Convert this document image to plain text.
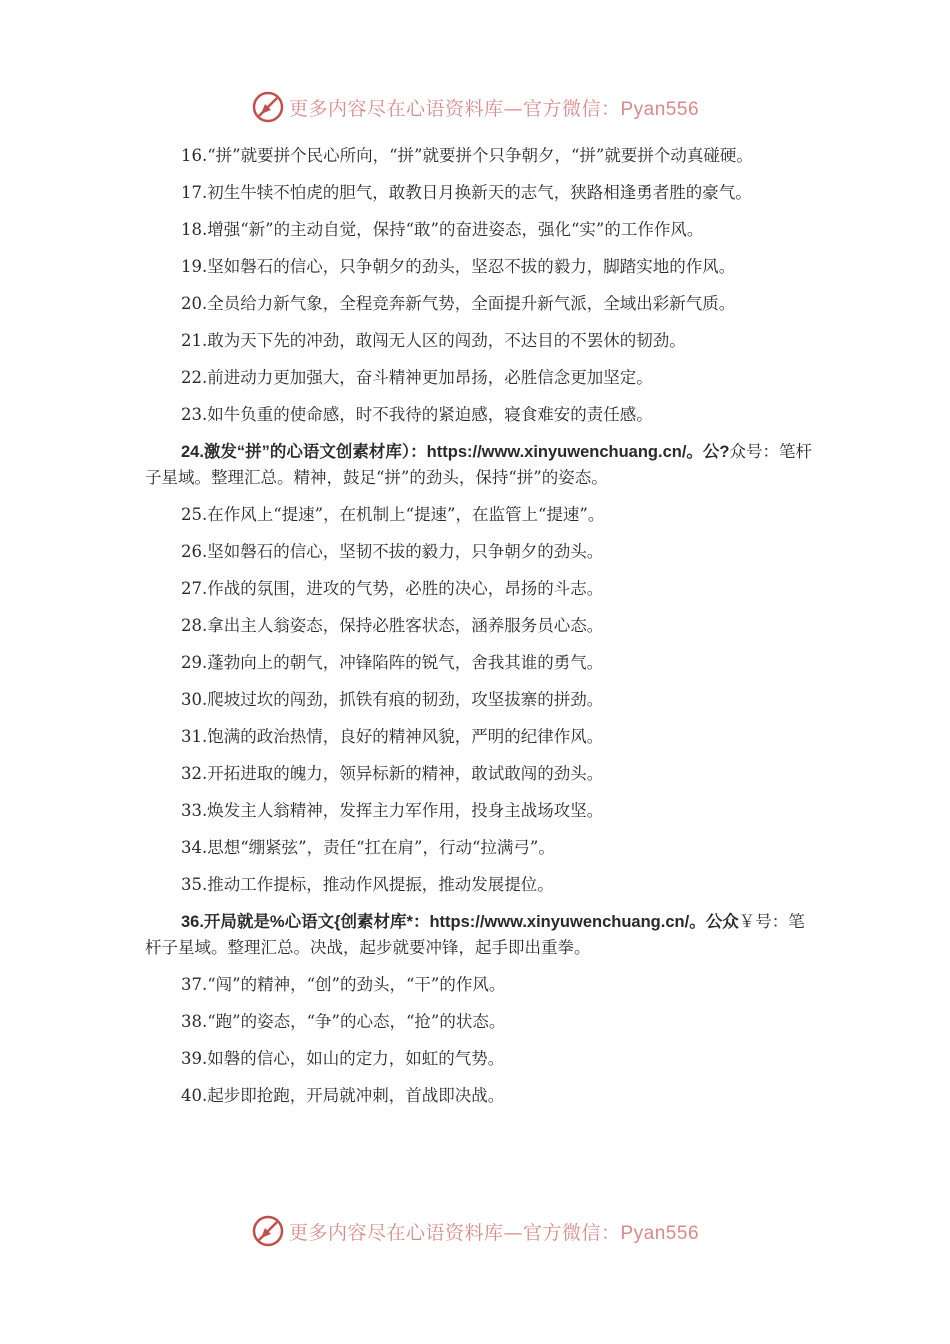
更多内容尽在心语资料库—官方微信：Pyan556

16.“拼”就要拼个民心所向，“拼”就要拼个只争朝夕，“拼”就要拼个动真碰硬。

17.初生牛犊不怕虎的胆气，敢教日月换新天的志气，狭路相逢勇者胜的豪气。

18.增强“新”的主动自觉，保持“敢”的奋进姿态，强化“实”的工作作风。

19.坚如磐石的信心，只争朝夕的劲头，坚忍不拔的毅力，脚踏实地的作风。

20.全员给力新气象，全程竞奔新气势，全面提升新气派，全域出彩新气质。

21.敢为天下先的冲劲，敢闯无人区的闯劲，不达目的不罢休的韧劲。

22.前进动力更加强大，奋斗精神更加昂扬，必胜信念更加坚定。

23.如牛负重的使命感，时不我待的紧迫感，寝食难安的责任感。

24.激发“拼”的心语文创素材库）：https://www.xinyuwenchuang.cn/。公?众号：笔杆子星域。整理汇总。精神，鼓足“拼”的劲头，保持“拼”的姿态。

25.在作风上“提速”，在机制上“提速”，在监管上“提速”。

26.坚如磐石的信心，坚韧不拔的毅力，只争朝夕的劲头。

27.作战的氛围，进攻的气势，必胜的决心，昂扬的斗志。

28.拿出主人翁姿态，保持必胜客状态，涵养服务员心态。

29.蓬勃向上的朝气，冲锋陷阵的锐气，舍我其谁的勇气。

30.爬坡过坎的闯劲，抓铁有痕的韧劲，攻坚拔寨的拼劲。

31.饱满的政治热情，良好的精神风貌，严明的纪律作风。

32.开拓进取的魄力，领异标新的精神，敢试敢闯的劲头。

33.焕发主人翁精神，发挥主力军作用，投身主战场攻坚。

34.思想“绷紧弦”，责任“扛在肩”，行动“拉满弓”。

35.推动工作提标，推动作风提振，推动发展提位。

36.开局就是%心语文{创素材库*：https://www.xinyuwenchuang.cn/。公众￥号：笔杆子星域。整理汇总。决战，起步就要冲锋，起手即出重拳。

37.“闯”的精神，“创”的劲头，“干”的作风。

38.“跑”的姿态，“争”的心态，“抢”的状态。

39.如磐的信心，如山的定力，如虹的气势。

40.起步即抢跑，开局就冲刺，首战即决战。

更多内容尽在心语资料库—官方微信：Pyan556
